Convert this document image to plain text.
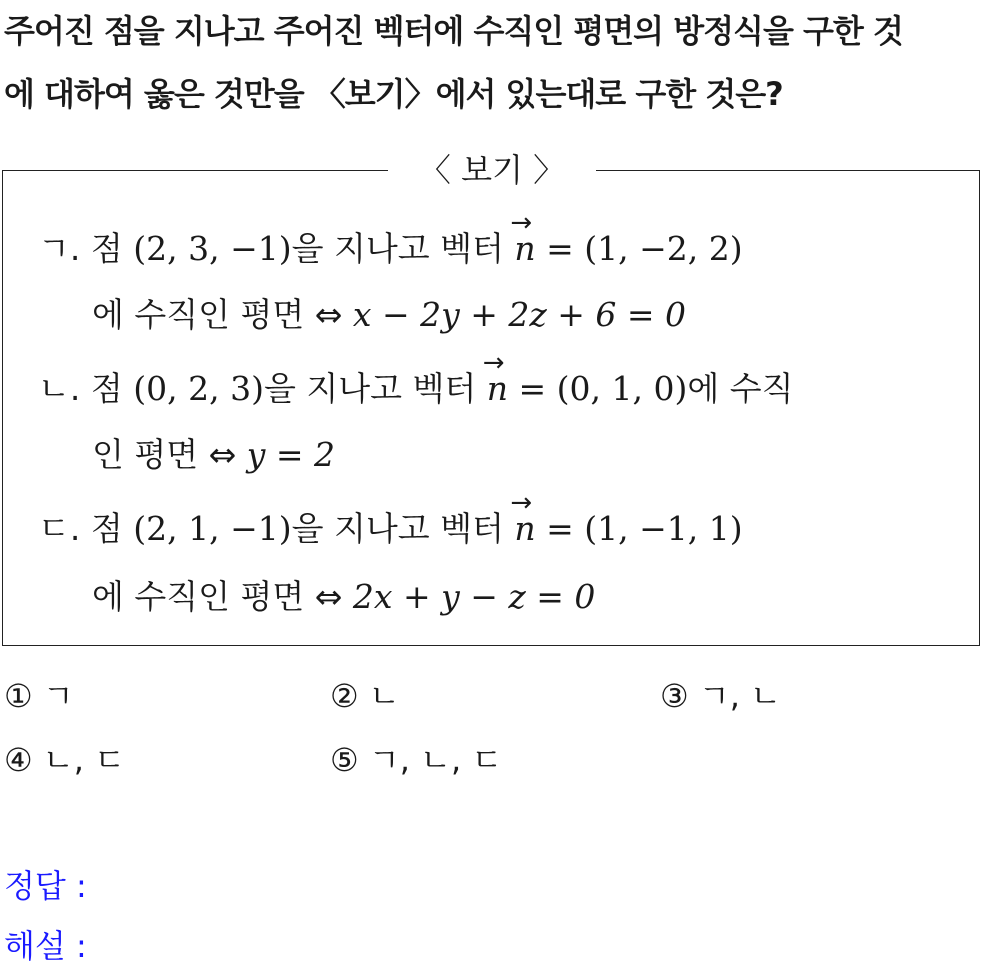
주어진 점을 지나고 주어진 벡터에 수직인 평면의 방정식을 구한 것
에 대하여 옳은 것만을 〈보기〉에서 있는대로 구한 것은?
〈 보기 〉
ㄱ. 점 (2, 3, −1)을 지나고 벡터
→
n = (1, −2, 2)
에 수직인 평면 ⇔ x − 2y + 2z + 6 = 0
ㄴ. 점 (0, 2, 3)을 지나고 벡터
→
n = (0, 1, 0)에 수직
인 평면 ⇔ y = 2
ㄷ. 점 (2, 1, −1)을 지나고 벡터
→
n = (1, −1, 1)
에 수직인 평면 ⇔ 2x + y − z = 0
① ㄱ	② ㄴ	③ ㄱ, ㄴ
④ ㄴ, ㄷ	⑤ ㄱ, ㄴ, ㄷ
정답 :
해설 :
